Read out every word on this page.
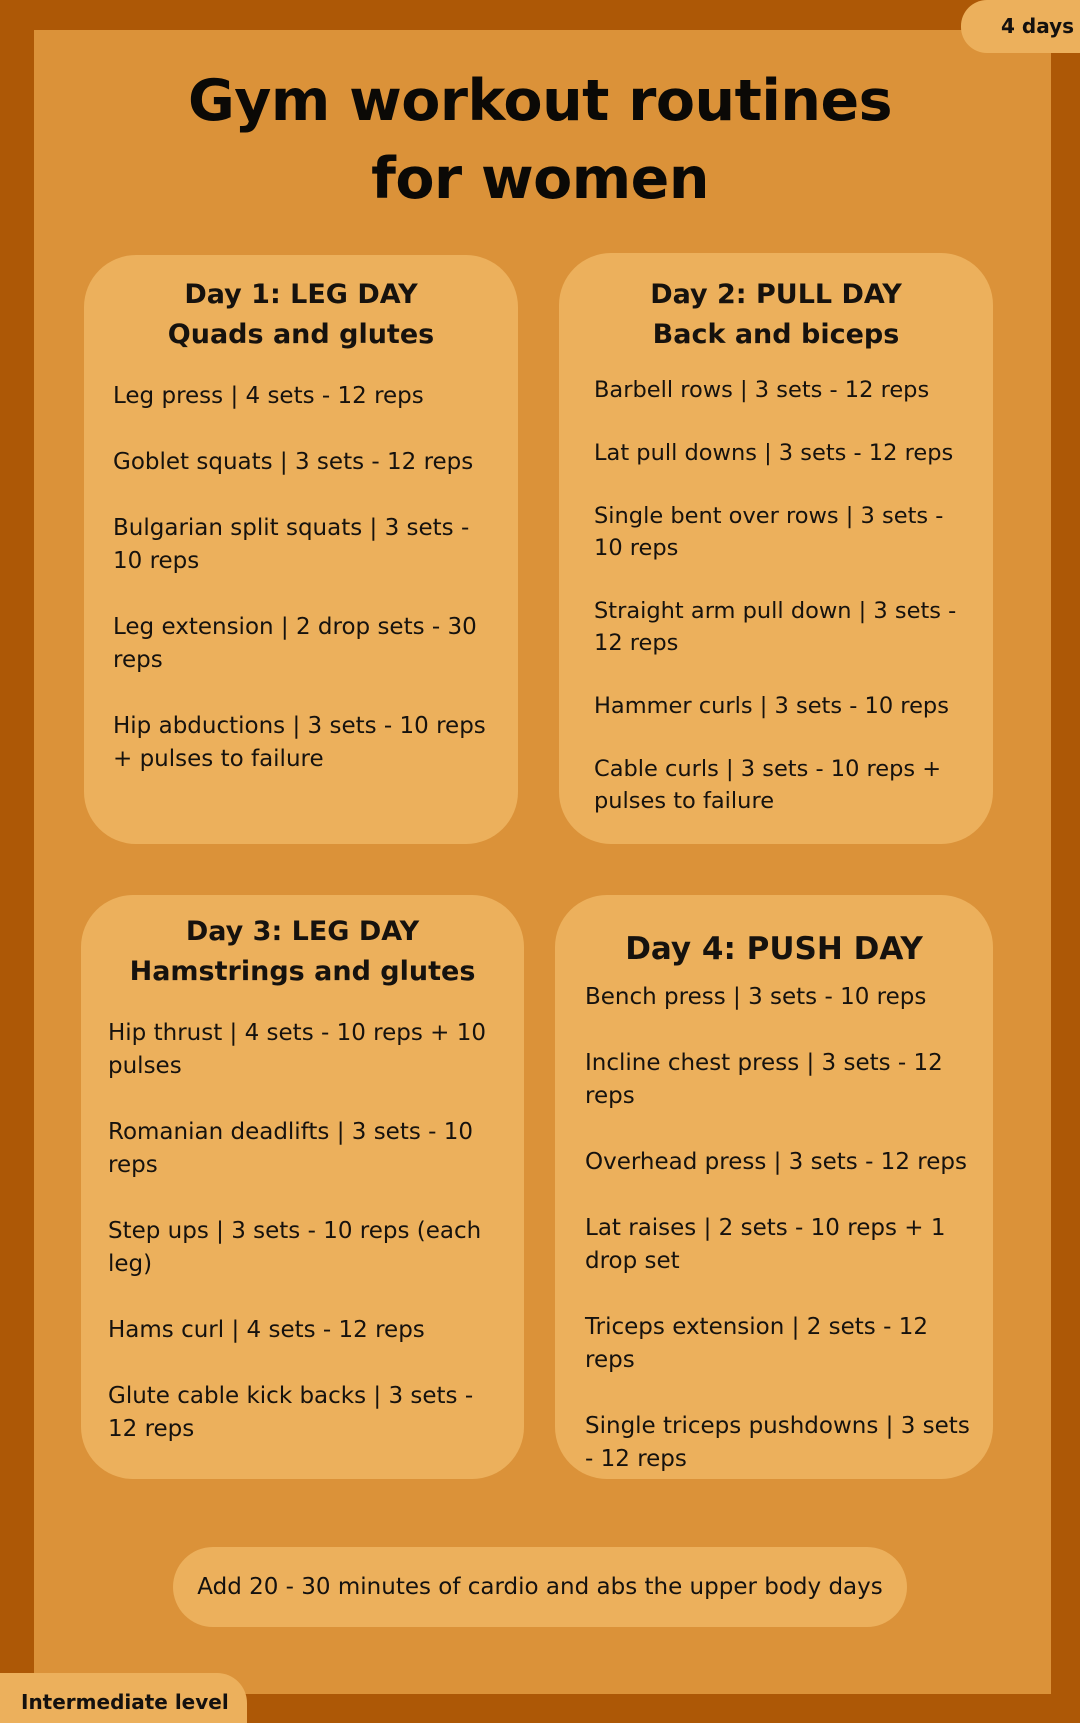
4 days
Gym workout routines
for women
Day 1: LEG DAY
Quads and glutes
Leg press | 4 sets - 12 reps
Goblet squats | 3 sets - 12 reps
Bulgarian split squats | 3 sets - 10 reps
Leg extension | 2 drop sets - 30 reps
Hip abductions | 3 sets - 10 reps + pulses to failure
Day 2: PULL DAY
Back and biceps
Barbell rows | 3 sets - 12 reps
Lat pull downs | 3 sets - 12 reps
Single bent over rows | 3 sets - 10 reps
Straight arm pull down | 3 sets - 12 reps
Hammer curls | 3 sets - 10 reps
Cable curls | 3 sets - 10 reps + pulses to failure
Day 3: LEG DAY
Hamstrings and glutes
Hip thrust | 4 sets - 10 reps + 10 pulses
Romanian deadlifts | 3 sets - 10 reps
Step ups | 3 sets - 10 reps (each leg)
Hams curl | 4 sets - 12 reps
Glute cable kick backs | 3 sets - 12 reps
Day 4: PUSH DAY
Bench press | 3 sets - 10 reps
Incline chest press | 3 sets - 12 reps
Overhead press | 3 sets - 12 reps
Lat raises | 2 sets - 10 reps + 1 drop set
Triceps extension | 2 sets - 12 reps
Single triceps pushdowns | 3 sets - 12 reps
Add 20 - 30 minutes of cardio and abs the upper body days
Intermediate level
